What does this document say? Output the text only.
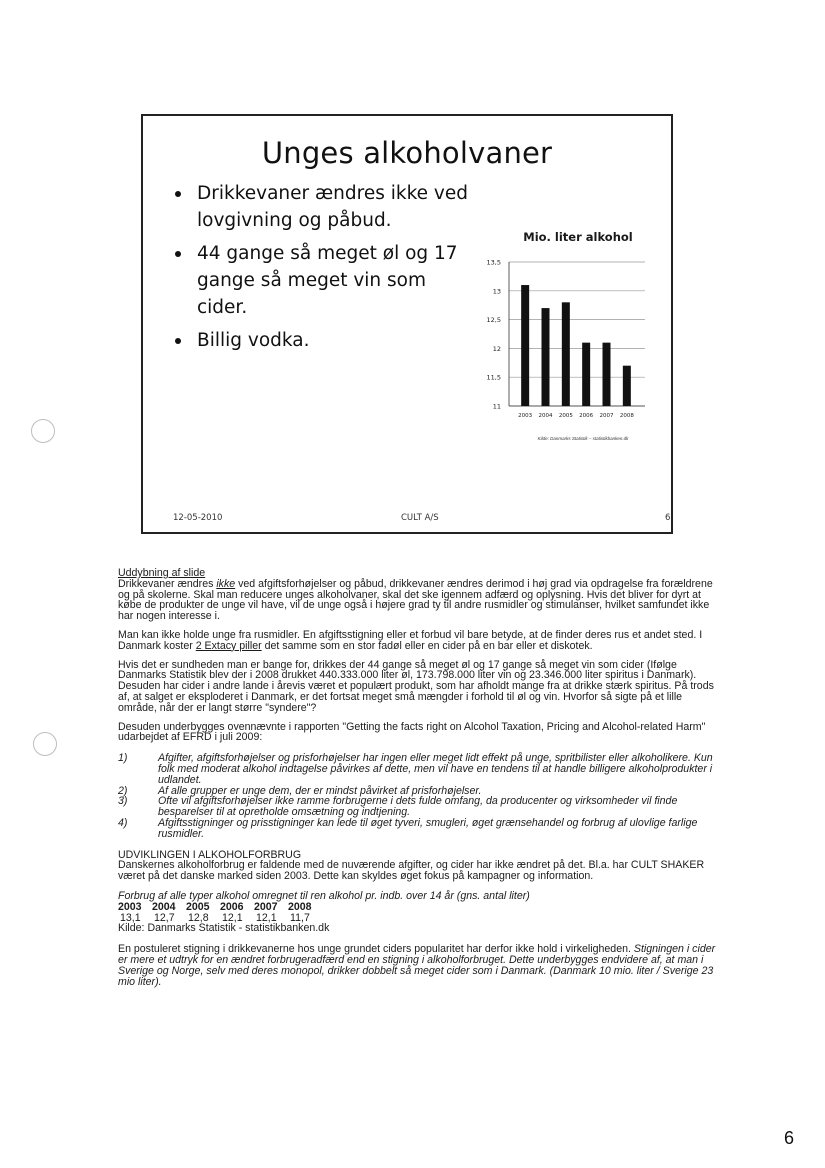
Unges alkoholvaner
Drikkevaner ændres ikke ved lovgivning og påbud.
44 gange så meget øl og 17 gange så meget vin som cider.
Billig vodka.
Mio. liter alkohol
11
11,5
12
12,5
13
13,5
2003 2004 2005 2006 2007 2008
Kilde: Danmarks Statistik – statistikbanken.dk
12-05-2010	CULT A/S	6
Uddybning af slide

Drikkevaner ændres ikke ved afgiftsforhøjelser og påbud, drikkevaner ændres derimod i høj grad via opdragelse fra forældrene og på skolerne. Skal man reducere unges alkoholvaner, skal det ske igennem adfærd og oplysning. Hvis det bliver for dyrt at købe de produkter de unge vil have, vil de unge også i højere grad ty til andre rusmidler og stimulanser, hvilket samfundet ikke har nogen interesse i.

Man kan ikke holde unge fra rusmidler. En afgiftsstigning eller et forbud vil bare betyde, at de finder deres rus et andet sted. I Danmark koster 2 Extacy piller det samme som en stor fadøl eller en cider på en bar eller et diskotek.

Hvis det er sundheden man er bange for, drikkes der 44 gange så meget øl og 17 gange så meget vin som cider (Ifølge Danmarks Statistik blev der i 2008 drukket 440.333.000 liter øl, 173.798.000 liter vin og 23.346.000 liter spiritus i Danmark). Desuden har cider i andre lande i årevis været et populært produkt, som har afholdt mange fra at drikke stærk spiritus. På trods af, at salget er eksploderet i Danmark, er det fortsat meget små mængder i forhold til øl og vin. Hvorfor så sigte på et lille område, når der er langt større "syndere"?

Desuden underbygges ovennævnte i rapporten "Getting the facts right on Alcohol Taxation, Pricing and Alcohol-related Harm" udarbejdet af EFRD i juli 2009:

1)	Afgifter, afgiftsforhøjelser og prisforhøjelser har ingen eller meget lidt effekt på unge, spritbilister eller alkoholikere. Kun folk med moderat alkohol indtagelse påvirkes af dette, men vil have en tendens til at handle billigere alkoholprodukter i udlandet.
2)	Af alle grupper er unge dem, der er mindst påvirket af prisforhøjelser.
3)	Ofte vil afgiftsforhøjelser ikke ramme forbrugerne i dets fulde omfang, da producenter og virksomheder vil finde besparelser til at opretholde omsætning og indtjening.
4)	Afgiftsstigninger og prisstigninger kan lede til øget tyveri, smugleri, øget grænsehandel og forbrug af ulovlige farlige rusmidler.
UDVIKLINGEN I ALKOHOLFORBRUG

Danskernes alkoholforbrug er faldende med de nuværende afgifter, og cider har ikke ændret på det. Bl.a. har CULT SHAKER været på det danske marked siden 2003. Dette kan skyldes øget fokus på kampagner og information.

Forbrug af alle typer alkohol omregnet til ren alkohol pr. indb. over 14 år (gns. antal liter)
2003 2004 2005 2006 2007 2008
13,1	12,7	12,8	12,1	12,1	11,7
Kilde: Danmarks Statistik - statistikbanken.dk

En postuleret stigning i drikkevanerne hos unge grundet ciders popularitet har derfor ikke hold i virkeligheden. Stigningen i cider er mere et udtryk for en ændret forbrugeradfærd end en stigning i alkoholforbruget. Dette underbygges endvidere af, at man i Sverige og Norge, selv med deres monopol, drikker dobbelt så meget cider som i Danmark. (Danmark 10 mio. liter / Sverige 23 mio liter).

6
